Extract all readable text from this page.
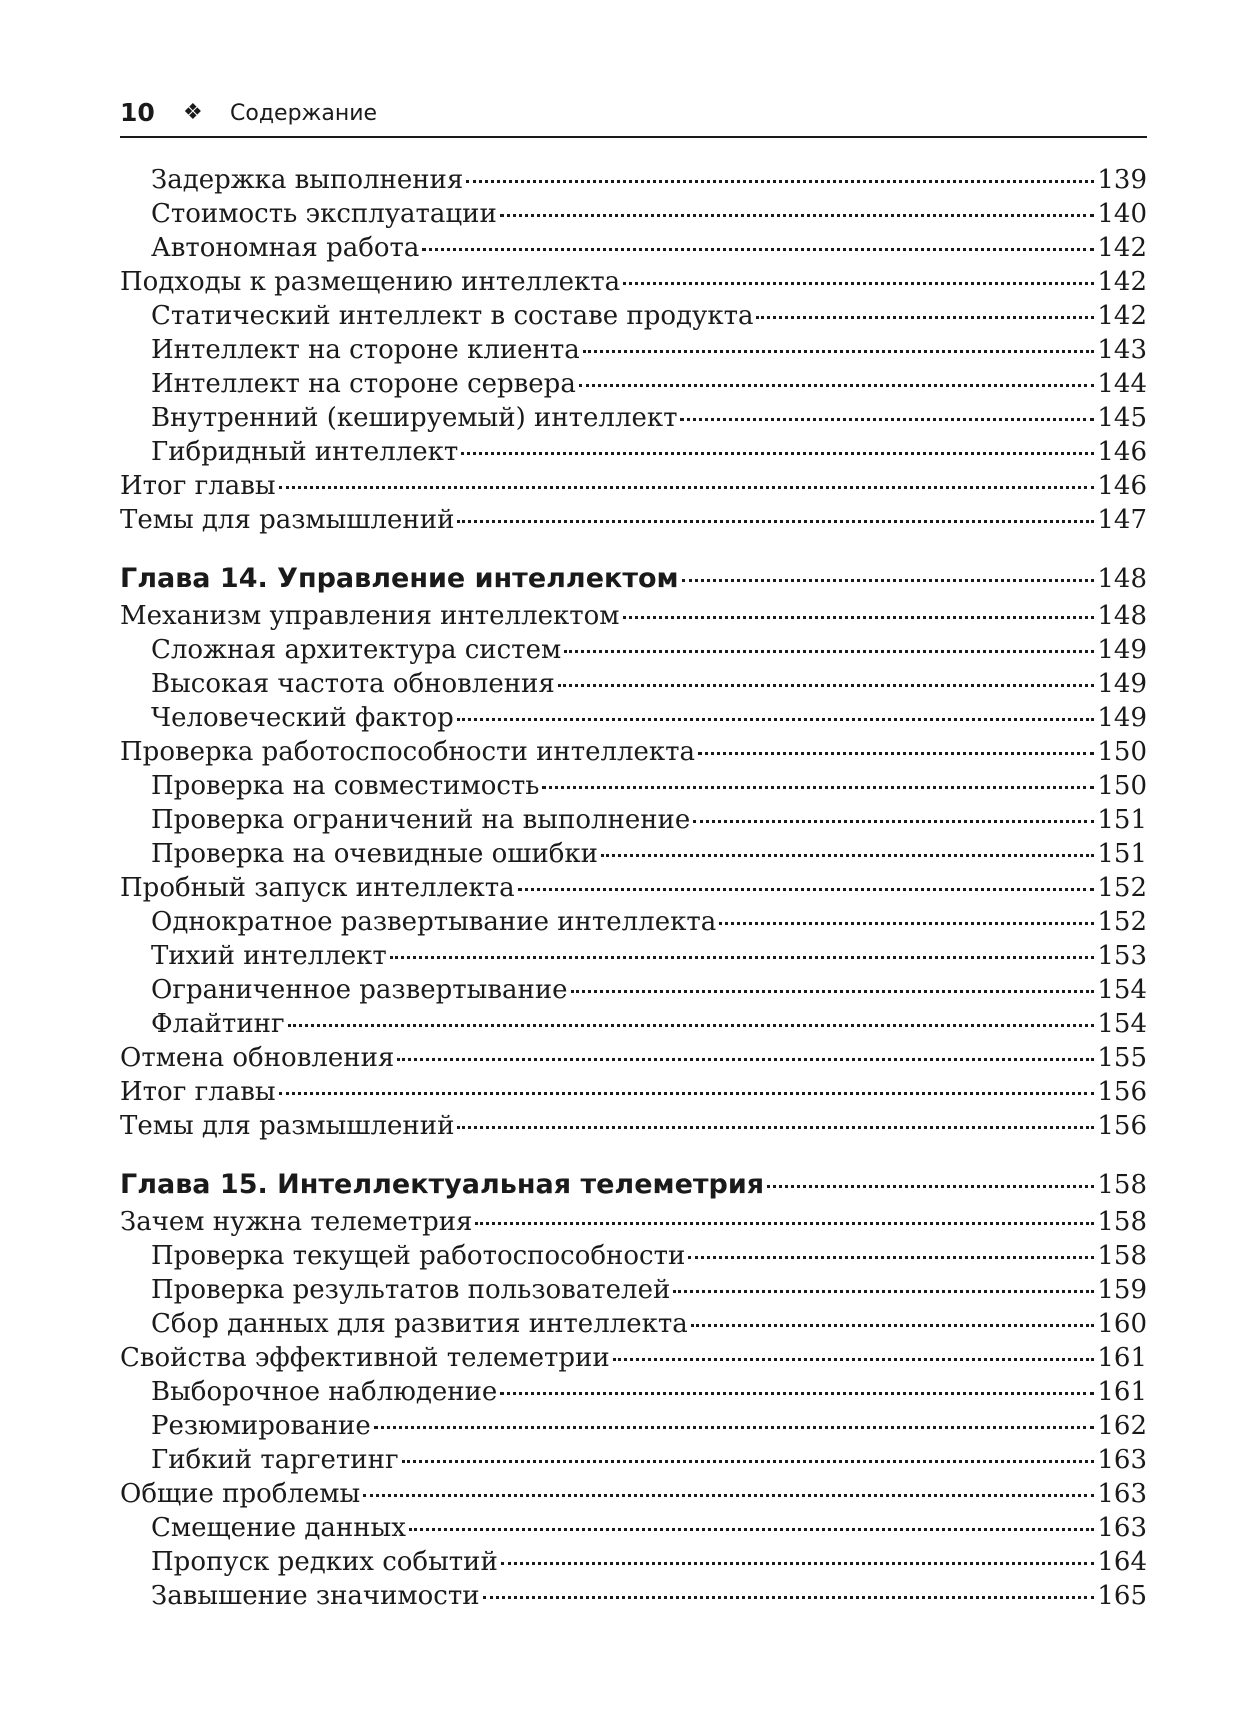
10 ❖ Содержание
Задержка выполнения	139
Стоимость эксплуатации	140
Автономная работа	142
Подходы к размещению интеллекта	142
Статический интеллект в составе продукта	142
Интеллект на стороне клиента	143
Интеллект на стороне сервера	144
Внутренний (кешируемый) интеллект	145
Гибридный интеллект	146
Итог главы	146
Темы для размышлений	147
Глава 14. Управление интеллектом	148
Механизм управления интеллектом	148
Сложная архитектура систем	149
Высокая частота обновления	149
Человеческий фактор	149
Проверка работоспособности интеллекта	150
Проверка на совместимость	150
Проверка ограничений на выполнение	151
Проверка на очевидные ошибки	151
Пробный запуск интеллекта	152
Однократное развертывание интеллекта	152
Тихий интеллект	153
Ограниченное развертывание	154
Флайтинг	154
Отмена обновления	155
Итог главы	156
Темы для размышлений	156
Глава 15. Интеллектуальная телеметрия	158
Зачем нужна телеметрия	158
Проверка текущей работоспособности	158
Проверка результатов пользователей	159
Сбор данных для развития интеллекта	160
Свойства эффективной телеметрии	161
Выборочное наблюдение	161
Резюмирование	162
Гибкий таргетинг	163
Общие проблемы	163
Смещение данных	163
Пропуск редких событий	164
Завышение значимости	165
